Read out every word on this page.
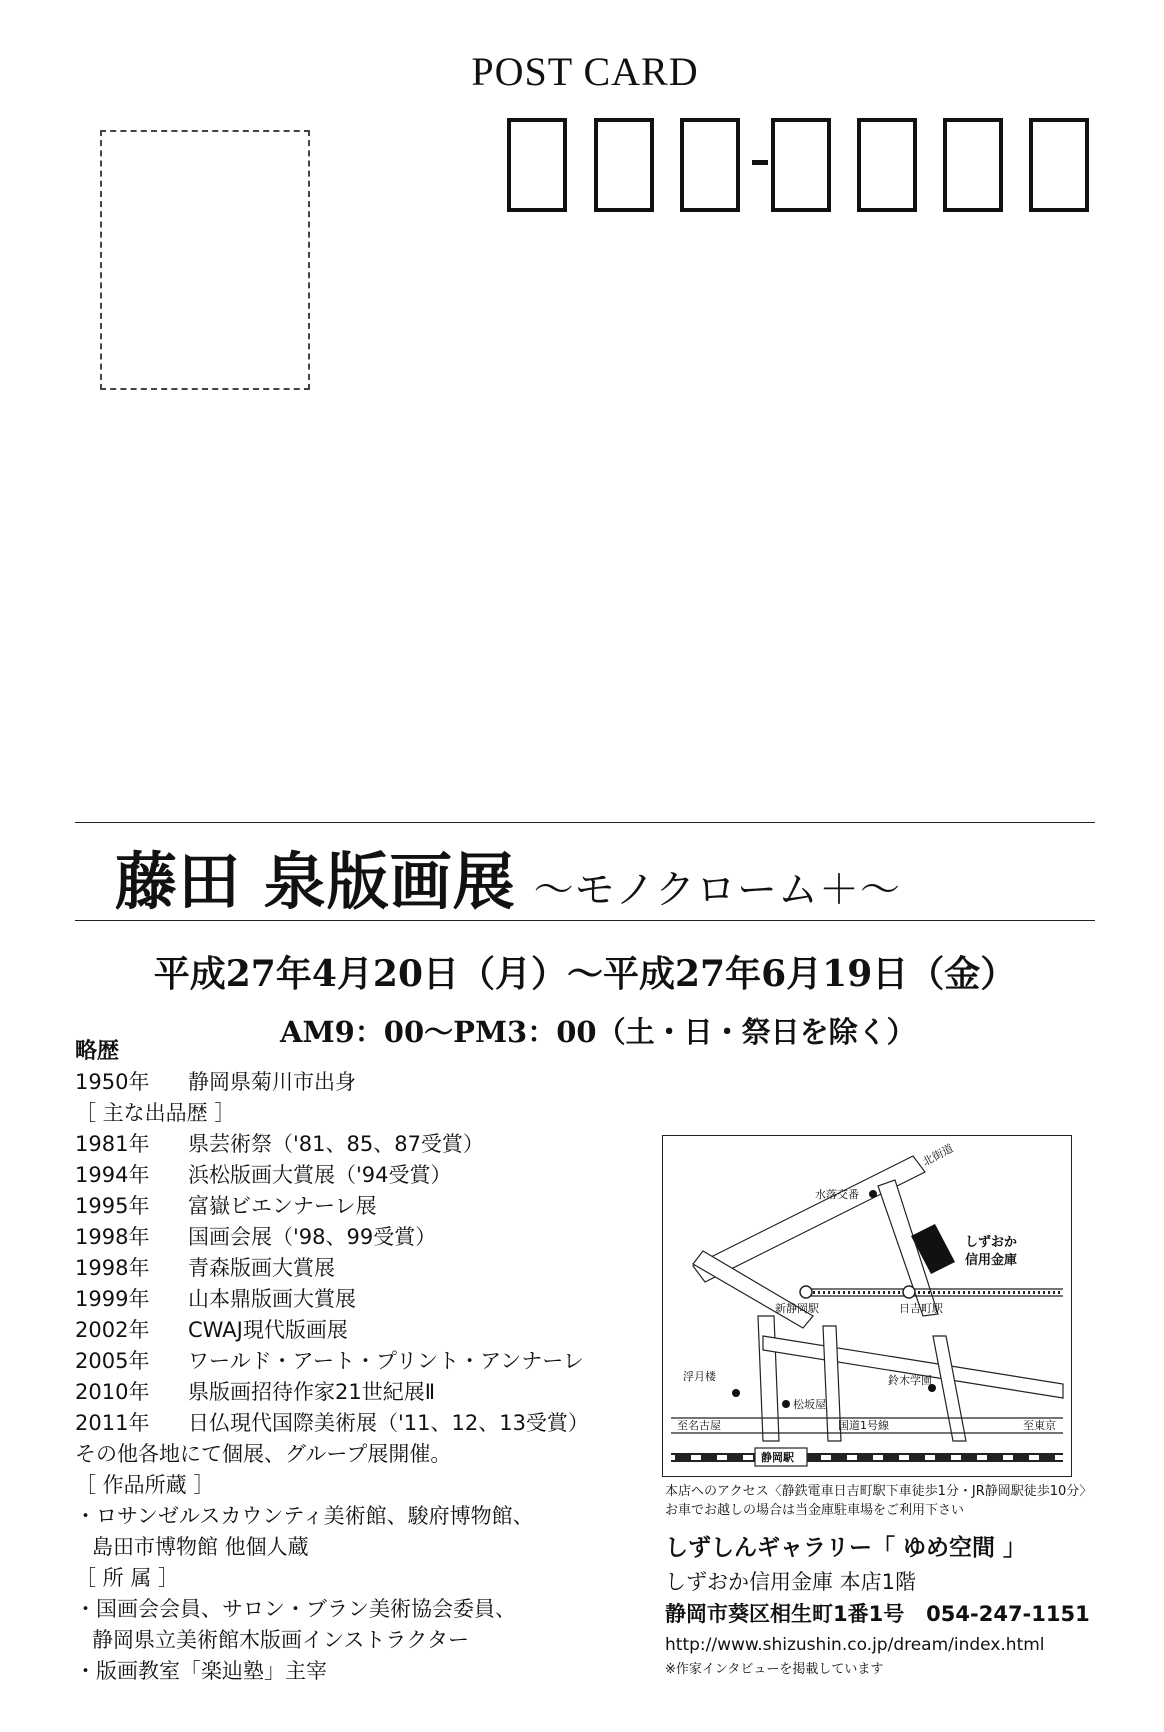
POST CARD
藤田 泉版画展 〜モノクローム＋〜
平成27年4月20日（月）〜平成27年6月19日（金）
AM9：00〜PM3：00（土・日・祭日を除く）
略歴
1950年	静岡県菊川市出身
［ 主な出品歴 ］
1981年	県芸術祭（'81、85、87受賞）
1994年	浜松版画大賞展（'94受賞）
1995年	富嶽ビエンナーレ展
1998年	国画会展（'98、99受賞）
1998年	青森版画大賞展
1999年	山本鼎版画大賞展
2002年	CWAJ現代版画展
2005年	ワールド・アート・プリント・アンナーレ
2010年	県版画招待作家21世紀展Ⅱ
2011年	日仏現代国際美術展（'11、12、13受賞）
その他各地にて個展、グループ展開催。
［ 作品所蔵 ］
・ロサンゼルスカウンティ美術館、駿府博物館、
島田市博物館 他個人蔵
［ 所 属 ］
・国画会会員、サロン・ブラン美術協会委員、
静岡県立美術館木版画インストラクター
・版画教室「楽辿塾」主宰
北街道
水落交番
しずおか
信用金庫
新静岡駅	日吉町駅
浮月楼
松坂屋
鈴木学園
至名古屋	国道1号線	至東京
静岡駅
本店へのアクセス〈静鉄電車日吉町駅下車徒歩1分・JR静岡駅徒歩10分〉
お車でお越しの場合は当金庫駐車場をご利用下さい
しずしんギャラリー「 ゆめ空間 」
しずおか信用金庫 本店1階
静岡市葵区相生町1番1号 054-247-1151
http://www.shizushin.co.jp/dream/index.html
※作家インタビューを掲載しています
